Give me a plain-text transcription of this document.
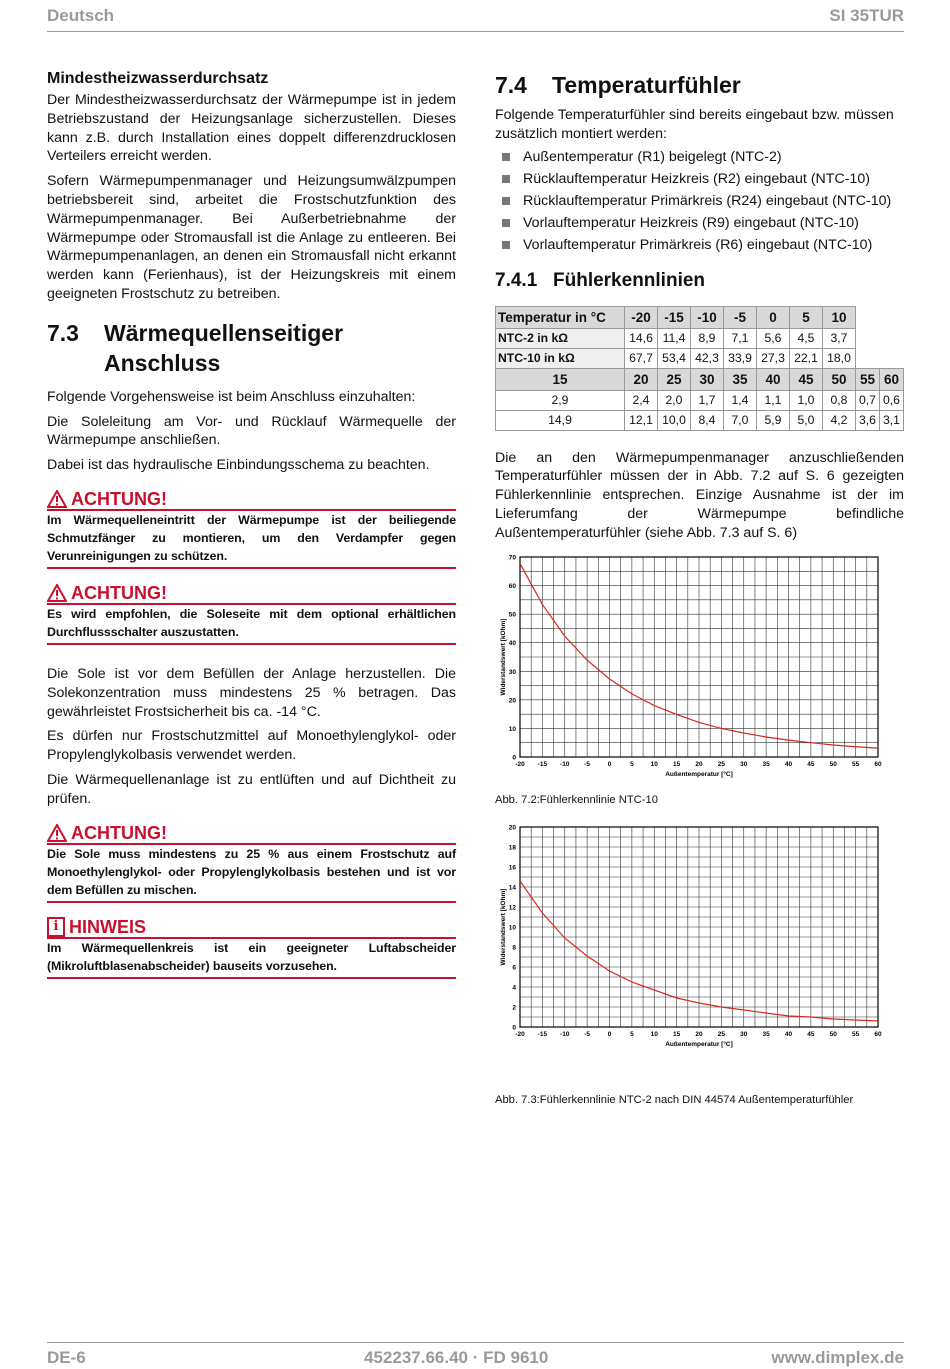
Deutsch	SI 35TUR
Mindestheizwasserdurchsatz

Der Mindestheizwasserdurchsatz der Wärmepumpe ist in jedem Betriebszustand der Heizungsanlage sicherzustellen. Dieses kann z.B. durch Installation eines doppelt differenzdrucklosen Verteilers erreicht werden.

Sofern Wärmepumpenmanager und Heizungsumwälzpumpen betriebsbereit sind, arbeitet die Frostschutzfunktion des Wärmepumpenmanager. Bei Außerbetriebnahme der Wärmepumpe oder Stromausfall ist die Anlage zu entleeren. Bei Wärmepumpenanlagen, an denen ein Stromausfall nicht erkannt werden kann (Ferienhaus), ist der Heizungskreis mit einem geeigneten Frostschutz zu betreiben.

7.3 Wärmequellenseitiger
Anschluss

Folgende Vorgehensweise ist beim Anschluss einzuhalten:

Die Soleleitung am Vor- und Rücklauf Wärmequelle der Wärmepumpe anschließen.

Dabei ist das hydraulische Einbindungsschema zu beachten.

ACHTUNG!
Im Wärmequelleneintritt der Wärmepumpe ist der beiliegende Schmutzfänger zu montieren, um den Verdampfer gegen Verunreinigungen zu schützen.
ACHTUNG!
Es wird empfohlen, die Soleseite mit dem optional erhältlichen Durchflussschalter auszustatten.

Die Sole ist vor dem Befüllen der Anlage herzustellen. Die Solekonzentration muss mindestens 25 % betragen. Das gewährleistet Frostsicherheit bis ca. -14 °C.

Es dürfen nur Frostschutzmittel auf Monoethylenglykol- oder Propylenglykolbasis verwendet werden.

Die Wärmequellenanlage ist zu entlüften und auf Dichtheit zu prüfen.

ACHTUNG!
Die Sole muss mindestens zu 25 % aus einem Frostschutz auf Monoethylenglykol- oder Propylenglykolbasis bestehen und ist vor dem Befüllen zu mischen.
i HINWEIS
Im Wärmequellenkreis ist ein geeigneter Luftabscheider (Mikroluftblasenabscheider) bauseits vorzusehen.
7.4 Temperaturfühler

Folgende Temperaturfühler sind bereits eingebaut bzw. müssen zusätzlich montiert werden:

Außentemperatur (R1) beigelegt (NTC-2)
Rücklauftemperatur Heizkreis (R2) eingebaut (NTC-10)
Rücklauftemperatur Primärkreis (R24) eingebaut (NTC-10)
Vorlauftemperatur Heizkreis (R9) eingebaut (NTC-10)
Vorlauftemperatur Primärkreis (R6) eingebaut (NTC-10)
7.4.1 Fühlerkennlinien
Temperatur in °C	-20	-15	-10	-5	0	5	10		
NTC-2 in kΩ	14,6	11,4	8,9	7,1	5,6	4,5	3,7		
NTC-10 in kΩ	67,7	53,4	42,3	33,9	27,3	22,1	18,0		
15	20	25	30	35	40	45	50	55	60
2,9	2,4	2,0	1,7	1,4	1,1	1,0	0,8	0,7	0,6
14,9	12,1	10,0	8,4	7,0	5,9	5,0	4,2	3,6	3,1

Die an den Wärmepumpenmanager anzuschließenden Temperaturfühler müssen der in Abb. 7.2 auf S. 6 gezeigten Fühlerkennlinie entsprechen. Einzige Ausnahme ist der im Lieferumfang der Wärmepumpe befindliche Außentemperaturfühler (siehe Abb. 7.3 auf S. 6)

-20 -15 -10 -5	0	5	10 15 20 25 30 35 40 45 50 55 60
0
10
20
30
40
50
60
70
Außentemperatur [°C]
Widerstandswert [kOhm]

Abb. 7.2:Fühlerkennlinie NTC-10

-20 -15 -10 -5	0	5	10 15 20 25 30 35 40 45 50 55 60
0
2
4
6
8
10
12
14
16
18
20
Außentemperatur [°C]
Widerstandswert [kOhm]

Abb. 7.3:Fühlerkennlinie NTC-2 nach DIN 44574 Außentemperaturfühler

DE-6	452237.66.40 · FD 9610	www.dimplex.de
